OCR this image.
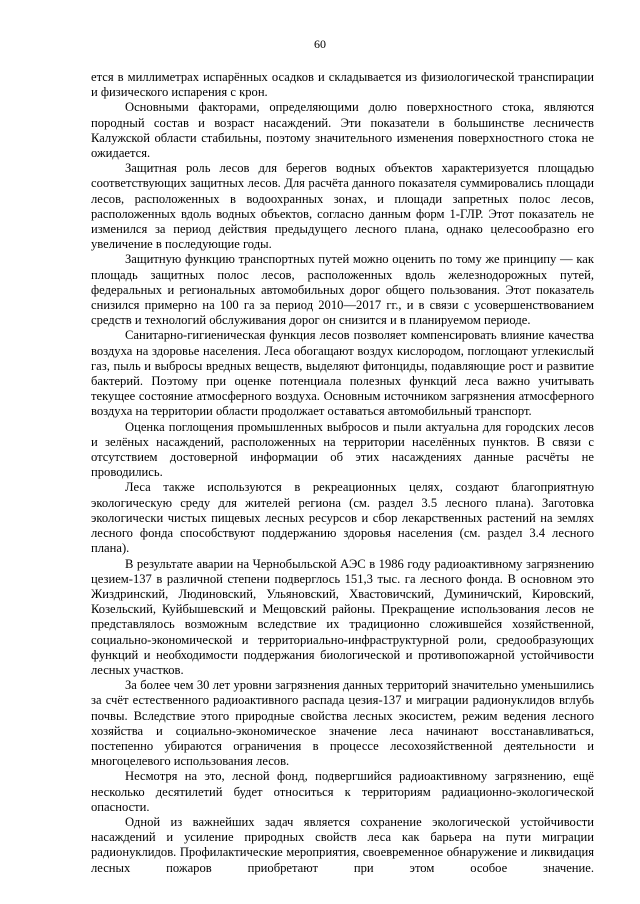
60

ется в миллиметрах испарённых осадков и складывается из физиологической транспирации и физического испарения с крон.

Основными факторами, определяющими долю поверхностного стока, являются породный состав и возраст насаждений. Эти показатели в большинстве лесничеств Калужской области стабильны, поэтому значительного изменения поверхностного стока не ожидается.

Защитная роль лесов для берегов водных объектов характеризуется площадью соответствующих защитных лесов. Для расчёта данного показателя суммировались площади лесов, расположенных в водоохранных зонах, и площади запретных полос лесов, расположенных вдоль водных объектов, согласно данным форм 1-ГЛР. Этот показатель не изменился за период действия предыдущего лесного плана, однако целесообразно его увеличение в последующие годы.

Защитную функцию транспортных путей можно оценить по тому же принципу — как площадь защитных полос лесов, расположенных вдоль железнодорожных путей, федеральных и региональных автомобильных дорог общего пользования. Этот показатель снизился примерно на 100 га за период 2010—2017 гг., и в связи с усовершенствованием средств и технологий обслуживания дорог он снизится и в планируемом периоде.

Санитарно-гигиеническая функция лесов позволяет компенсировать влияние качества воздуха на здоровье населения. Леса обогащают воздух кислородом, поглощают углекислый газ, пыль и выбросы вредных веществ, выделяют фитонциды, подавляющие рост и развитие бактерий. Поэтому при оценке потенциала полезных функций леса важно учитывать текущее состояние атмосферного воздуха. Основным источником загрязнения атмосферного воздуха на территории области продолжает оставаться автомобильный транспорт.

Оценка поглощения промышленных выбросов и пыли актуальна для городских лесов и зелёных насаждений, расположенных на территории населённых пунктов. В связи с отсутствием достоверной информации об этих насаждениях данные расчёты не проводились.

Леса также используются в рекреационных целях, создают благоприятную экологическую среду для жителей региона (см. раздел 3.5 лесного плана). Заготовка экологически чистых пищевых лесных ресурсов и сбор лекарственных растений на землях лесного фонда способствуют поддержанию здоровья населения (см. раздел 3.4 лесного плана).

В результате аварии на Чернобыльской АЭС в 1986 году радиоактивному загрязнению цезием-137 в различной степени подверглось 151,3 тыс. га лесного фонда. В основном это Жиздринский, Людиновский, Ульяновский, Хвастовичский, Думиничский, Кировский, Козельский, Куйбышевский и Мещовский районы. Прекращение использования лесов не представлялось возможным вследствие их традиционно сложившейся хозяйственной, социально-экономической и территориально-инфраструктурной роли, средообразующих функций и необходимости поддержания биологической и противопожарной устойчивости лесных участков.

За более чем 30 лет уровни загрязнения данных территорий значительно уменьшились за счёт естественного радиоактивного распада цезия-137 и миграции радионуклидов вглубь почвы. Вследствие этого природные свойства лесных экосистем, режим ведения лесного хозяйства и социально-экономическое значение леса начинают восстанавливаться, постепенно убираются ограничения в процессе лесохозяйственной деятельности и многоцелевого использования лесов.

Несмотря на это, лесной фонд, подвергшийся радиоактивному загрязнению, ещё несколько десятилетий будет относиться к территориям радиационно-экологической опасности.

Одной из важнейших задач является сохранение экологической устойчивости насаждений и усиление природных свойств леса как барьера на пути миграции радионуклидов. Профилактические мероприятия, своевременное обнаружение и ликвидация лесных пожаров приобретают при этом особое значение.
